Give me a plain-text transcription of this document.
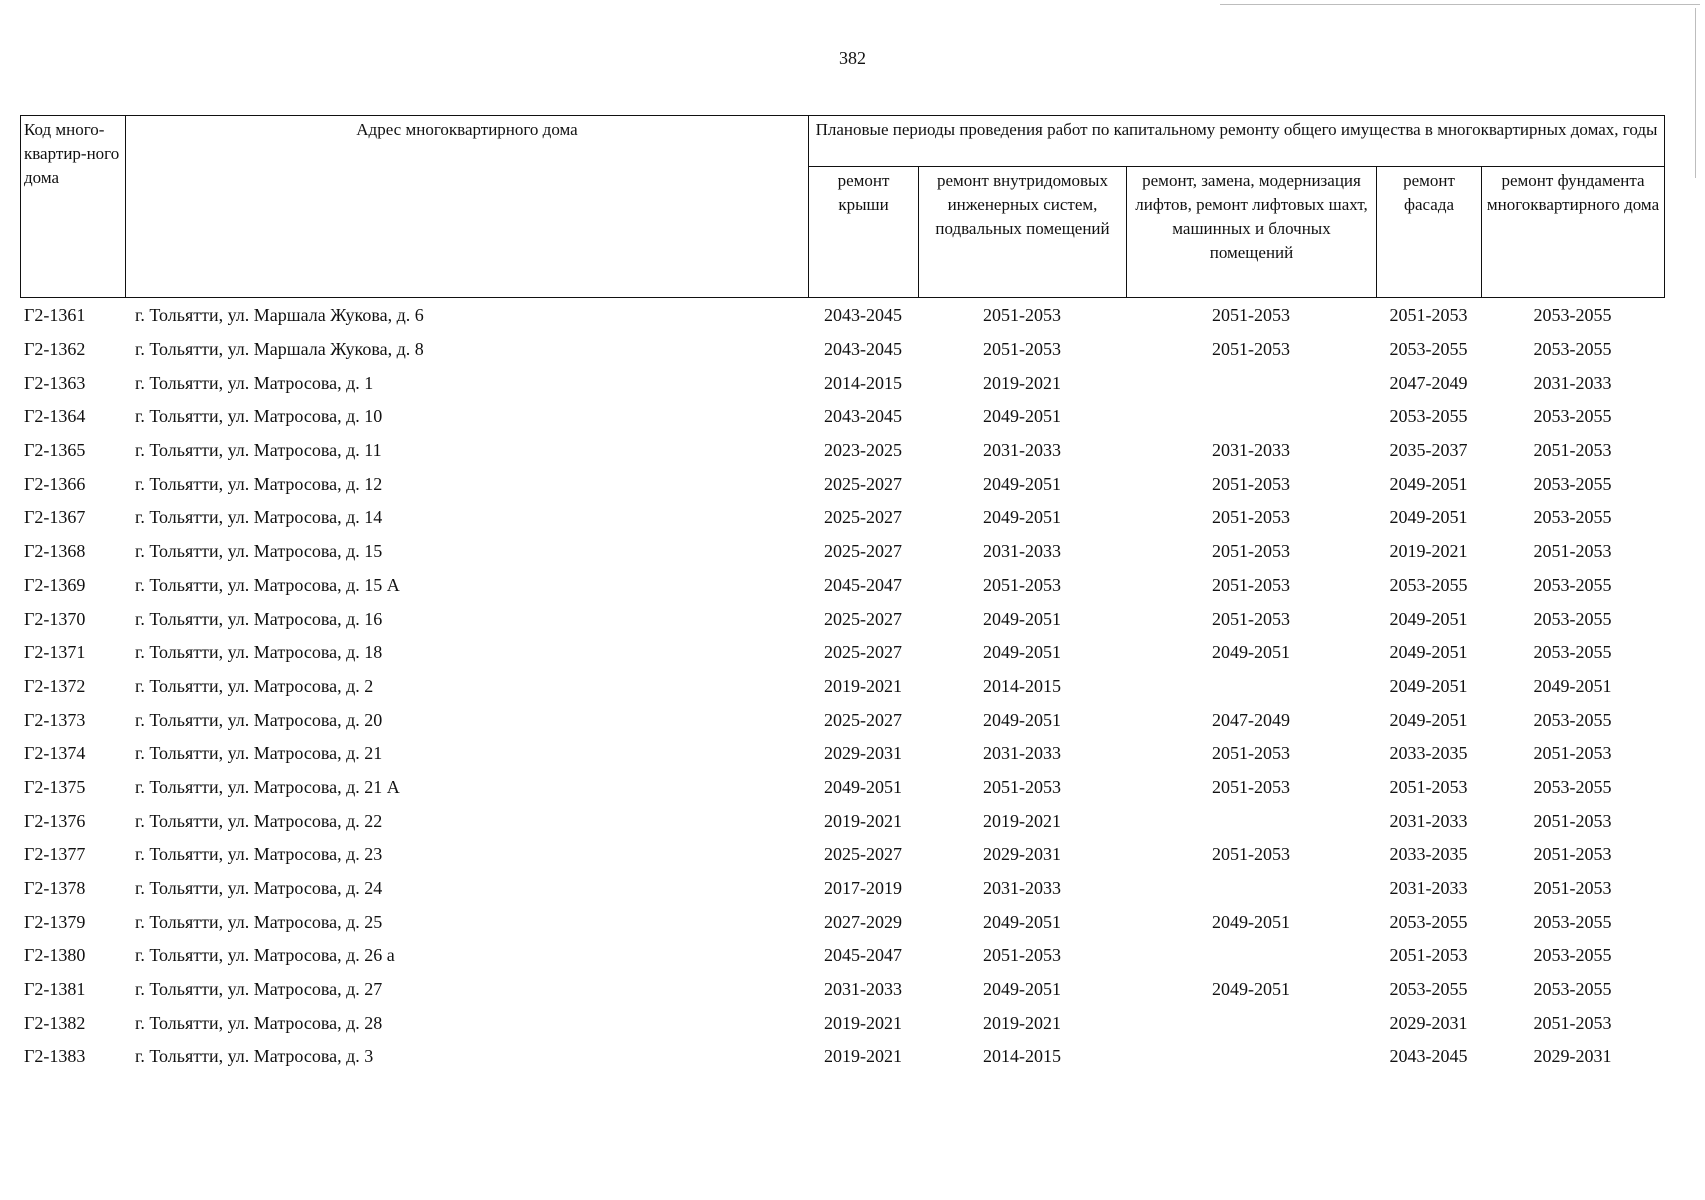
382
Код много-квартир-ного дома	Адрес многоквартирного дома	Плановые периоды проведения работ по капитальному ремонту общего имущества в многоквартирных домах, годы				
		ремонт крыши	ремонт внутридомовых инженерных систем, подвальных помещений	ремонт, замена, модернизация лифтов, ремонт лифтовых шахт, машинных и блочных помещений	ремонт фасада	ремонт фундамента многоквартирного дома
Г2-1361	г. Тольятти, ул. Маршала Жукова, д. 6	2043-2045	2051-2053	2051-2053	2051-2053	2053-2055
Г2-1362	г. Тольятти, ул. Маршала Жукова, д. 8	2043-2045	2051-2053	2051-2053	2053-2055	2053-2055
Г2-1363	г. Тольятти, ул. Матросова, д. 1	2014-2015	2019-2021		2047-2049	2031-2033
Г2-1364	г. Тольятти, ул. Матросова, д. 10	2043-2045	2049-2051		2053-2055	2053-2055
Г2-1365	г. Тольятти, ул. Матросова, д. 11	2023-2025	2031-2033	2031-2033	2035-2037	2051-2053
Г2-1366	г. Тольятти, ул. Матросова, д. 12	2025-2027	2049-2051	2051-2053	2049-2051	2053-2055
Г2-1367	г. Тольятти, ул. Матросова, д. 14	2025-2027	2049-2051	2051-2053	2049-2051	2053-2055
Г2-1368	г. Тольятти, ул. Матросова, д. 15	2025-2027	2031-2033	2051-2053	2019-2021	2051-2053
Г2-1369	г. Тольятти, ул. Матросова, д. 15 А	2045-2047	2051-2053	2051-2053	2053-2055	2053-2055
Г2-1370	г. Тольятти, ул. Матросова, д. 16	2025-2027	2049-2051	2051-2053	2049-2051	2053-2055
Г2-1371	г. Тольятти, ул. Матросова, д. 18	2025-2027	2049-2051	2049-2051	2049-2051	2053-2055
Г2-1372	г. Тольятти, ул. Матросова, д. 2	2019-2021	2014-2015		2049-2051	2049-2051
Г2-1373	г. Тольятти, ул. Матросова, д. 20	2025-2027	2049-2051	2047-2049	2049-2051	2053-2055
Г2-1374	г. Тольятти, ул. Матросова, д. 21	2029-2031	2031-2033	2051-2053	2033-2035	2051-2053
Г2-1375	г. Тольятти, ул. Матросова, д. 21 А	2049-2051	2051-2053	2051-2053	2051-2053	2053-2055
Г2-1376	г. Тольятти, ул. Матросова, д. 22	2019-2021	2019-2021		2031-2033	2051-2053
Г2-1377	г. Тольятти, ул. Матросова, д. 23	2025-2027	2029-2031	2051-2053	2033-2035	2051-2053
Г2-1378	г. Тольятти, ул. Матросова, д. 24	2017-2019	2031-2033		2031-2033	2051-2053
Г2-1379	г. Тольятти, ул. Матросова, д. 25	2027-2029	2049-2051	2049-2051	2053-2055	2053-2055
Г2-1380	г. Тольятти, ул. Матросова, д. 26 а	2045-2047	2051-2053		2051-2053	2053-2055
Г2-1381	г. Тольятти, ул. Матросова, д. 27	2031-2033	2049-2051	2049-2051	2053-2055	2053-2055
Г2-1382	г. Тольятти, ул. Матросова, д. 28	2019-2021	2019-2021		2029-2031	2051-2053
Г2-1383	г. Тольятти, ул. Матросова, д. 3	2019-2021	2014-2015		2043-2045	2029-2031
